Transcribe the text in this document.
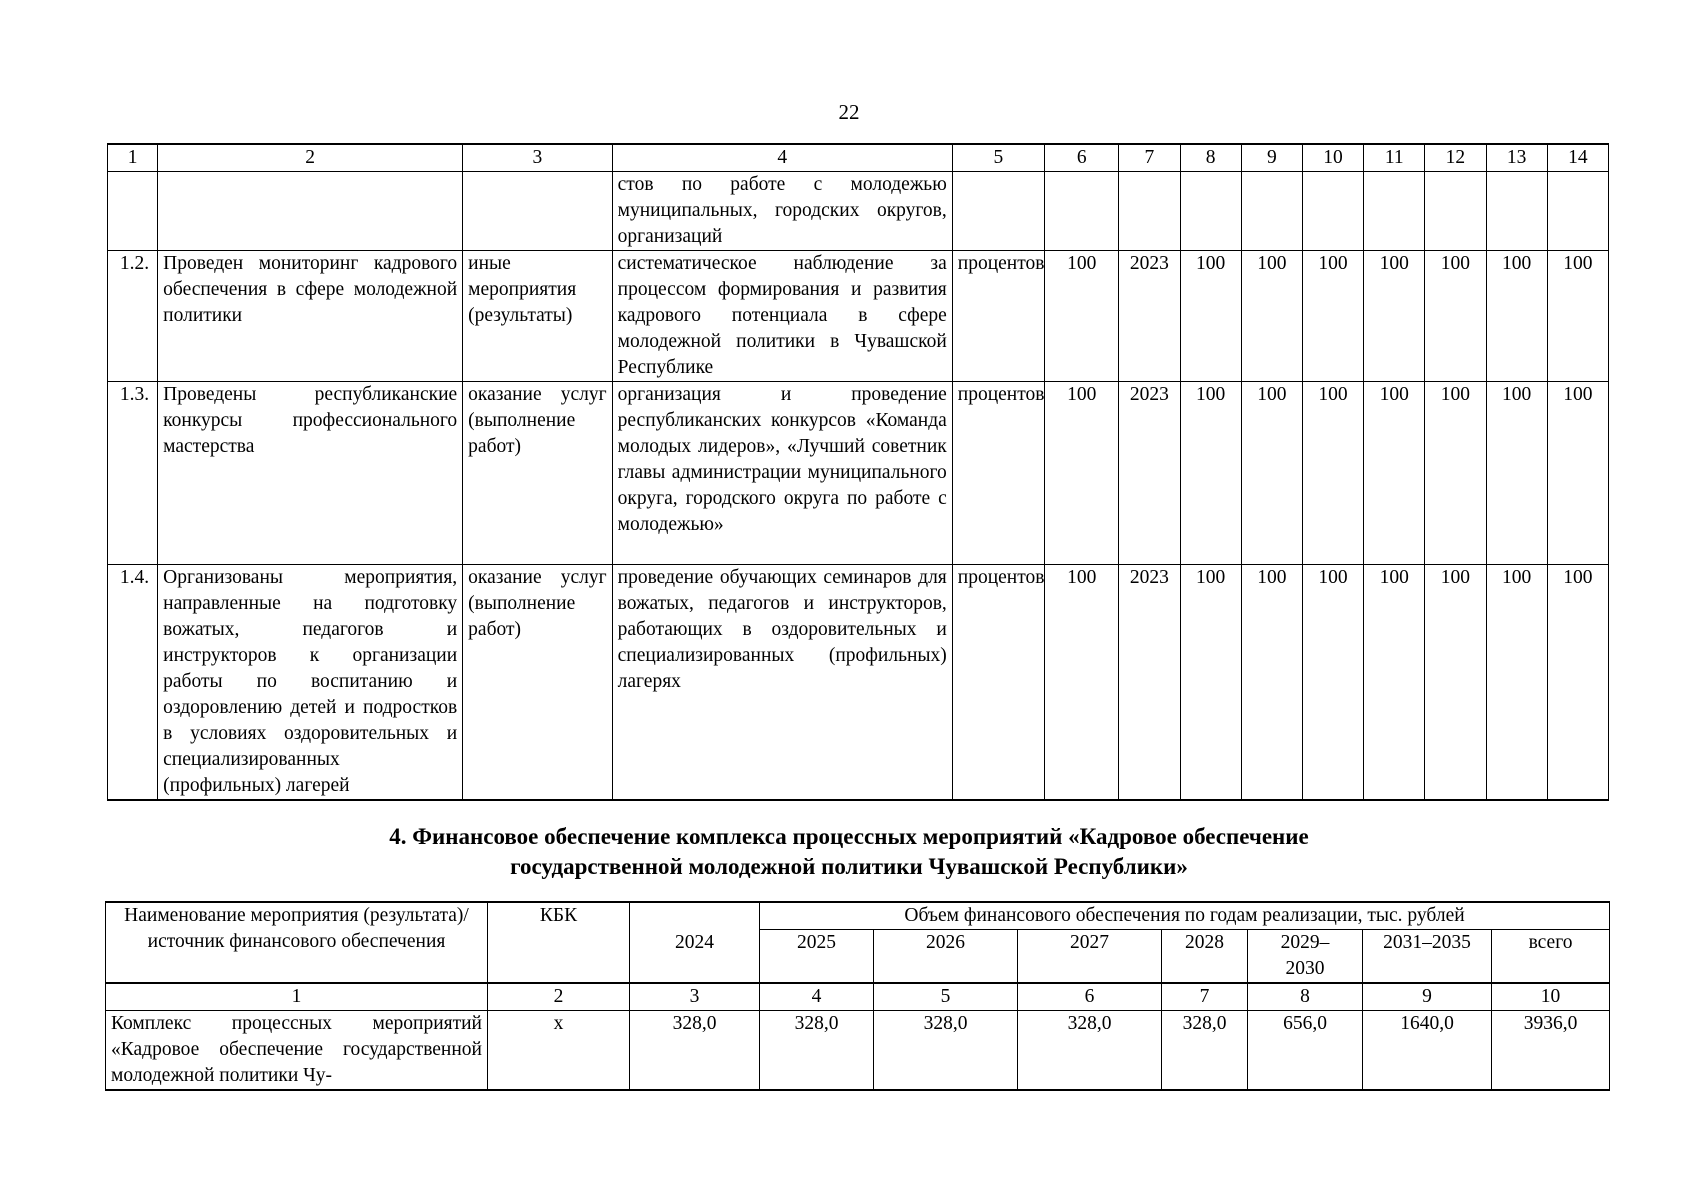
22
1	2	3	4	5	6	7	8	9	10	11	12	13	14
			стов по работе с молодежью муниципальных, городских округов, организаций										
1.2.	Проведен мониторинг кадрового обеспечения в сфере молодежной политики	иные мероприятия (результаты)	систематическое наблюдение за процессом формирования и развития кадрового потенциала в сфере молодежной политики в Чувашской Республике	процентов	100	2023	100	100	100	100	100	100	100
1.3.	Проведены республиканские конкурсы профессионального мастерства	оказание услуг (выполнение работ)	организация и проведение республиканских конкурсов «Команда молодых лидеров», «Лучший советник главы администрации муниципального округа, городского округа по работе с молодежью»	процентов	100	2023	100	100	100	100	100	100	100
1.4.	Организованы мероприятия, направленные на подготовку вожатых, педагогов и инструкторов к организации работы по воспитанию и оздоровлению детей и подростков в условиях оздоровительных и специализированных (профильных) лагерей	оказание услуг (выполнение работ)	проведение обучающих семинаров для вожатых, педагогов и инструкторов, работающих в оздоровительных и специализированных (профильных) лагерях	процентов	100	2023	100	100	100	100	100	100	100
4. Финансовое обеспечение комплекса процессных мероприятий «Кадровое обеспечение
государственной молодежной политики Чувашской Республики»
Наименование мероприятия (результата)/источник финансового обеспечения	КБК		Объем финансового обеспечения по годам реализации, тыс. рублей						
		2024	2025	2026	2027	2028	2029–2030	2031–2035	всего
1	2	3	4	5	6	7	8	9	10
Комплекс процессных мероприятий «Кадровое обеспечение государственной молодежной политики Чу-	x	328,0	328,0	328,0	328,0	328,0	656,0	1640,0	3936,0
